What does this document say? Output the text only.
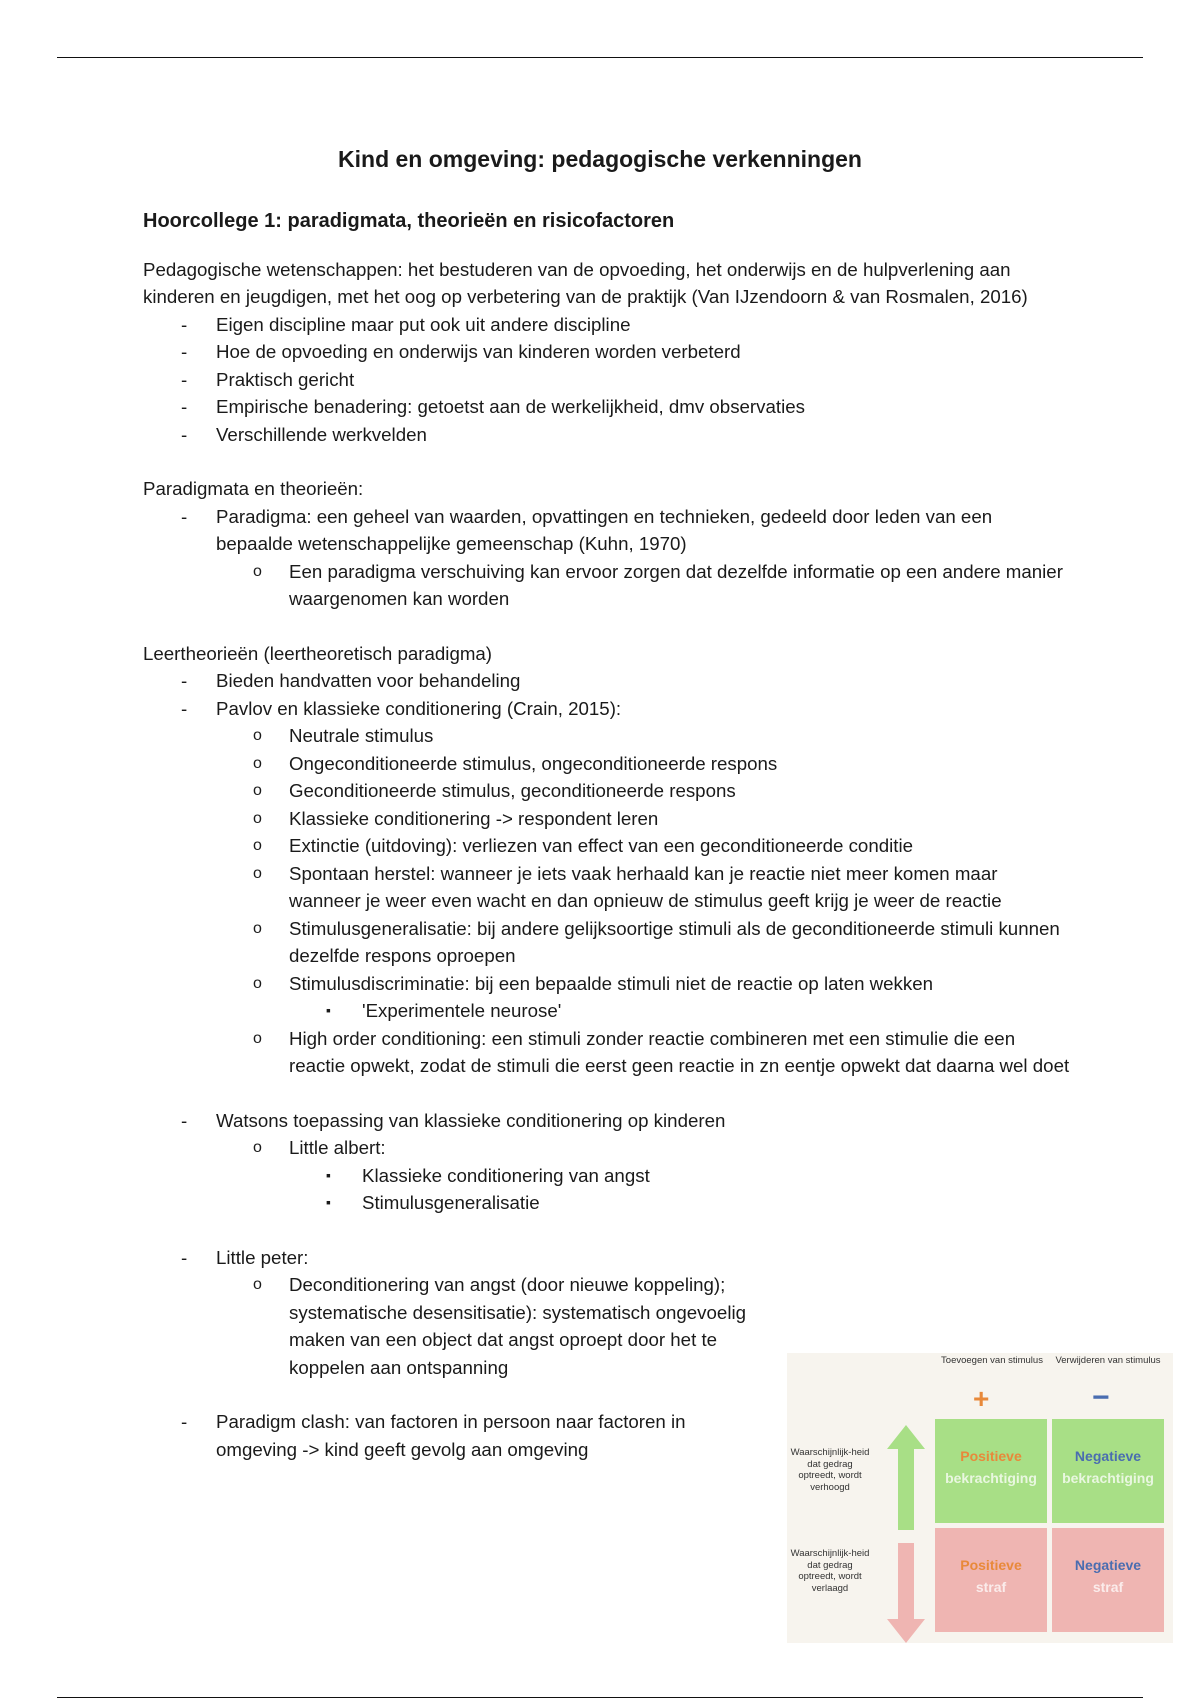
Kind en omgeving: pedagogische verkenningen
Hoorcollege 1: paradigmata, theorieën en risicofactoren

Pedagogische wetenschappen: het bestuderen van de opvoeding, het onderwijs en de hulpverlening aan kinderen en jeugdigen, met het oog op verbetering van de praktijk (Van IJzendoorn & van Rosmalen, 2016)

- Eigen discipline maar put ook uit andere discipline
- Hoe de opvoeding en onderwijs van kinderen worden verbeterd
- Praktisch gericht
- Empirische benadering: getoetst aan de werkelijkheid, dmv observaties
- Verschillende werkvelden

Paradigmata en theorieën:

- Paradigma: een geheel van waarden, opvattingen en technieken, gedeeld door leden van een bepaalde wetenschappelijke gemeenschap (Kuhn, 1970)
o Een paradigma verschuiving kan ervoor zorgen dat dezelfde informatie op een andere manier waargenomen kan worden

Leertheorieën (leertheoretisch paradigma)

- Bieden handvatten voor behandeling
- Pavlov en klassieke conditionering (Crain, 2015):
o Neutrale stimulus
o Ongeconditioneerde stimulus, ongeconditioneerde respons
o Geconditioneerde stimulus, geconditioneerde respons
o Klassieke conditionering -> respondent leren
o Extinctie (uitdoving): verliezen van effect van een geconditioneerde conditie
o Spontaan herstel: wanneer je iets vaak herhaald kan je reactie niet meer komen maar wanneer je weer even wacht en dan opnieuw de stimulus geeft krijg je weer de reactie
o Stimulusgeneralisatie: bij andere gelijksoortige stimuli als de geconditioneerde stimuli kunnen dezelfde respons oproepen
o Stimulusdiscriminatie: bij een bepaalde stimuli niet de reactie op laten wekken
▪ 'Experimentele neurose'
o High order conditioning: een stimuli zonder reactie combineren met een stimulie die een reactie opwekt, zodat de stimuli die eerst geen reactie in zn eentje opwekt dat daarna wel doet
- Watsons toepassing van klassieke conditionering op kinderen
o Little albert:
▪ Klassieke conditionering van angst
▪ Stimulusgeneralisatie
- Little peter:
o Deconditionering van angst (door nieuwe koppeling); systematische desensitisatie): systematisch ongevoelig maken van een object dat angst oproept door het te koppelen aan ontspanning
- Paradigm clash: van factoren in persoon naar factoren in omgeving -> kind geeft gevolg aan omgeving
Toevoegen van stimulus	Verwijderen van stimulus
+	−
Waarschijnlijk-heid dat gedrag optreedt, wordt verhoogd
Waarschijnlijk-heid dat gedrag optreedt, wordt verlaagd
Positieve
bekrachtiging
Negatieve
bekrachtiging
Positieve
straf
Negatieve
straf
